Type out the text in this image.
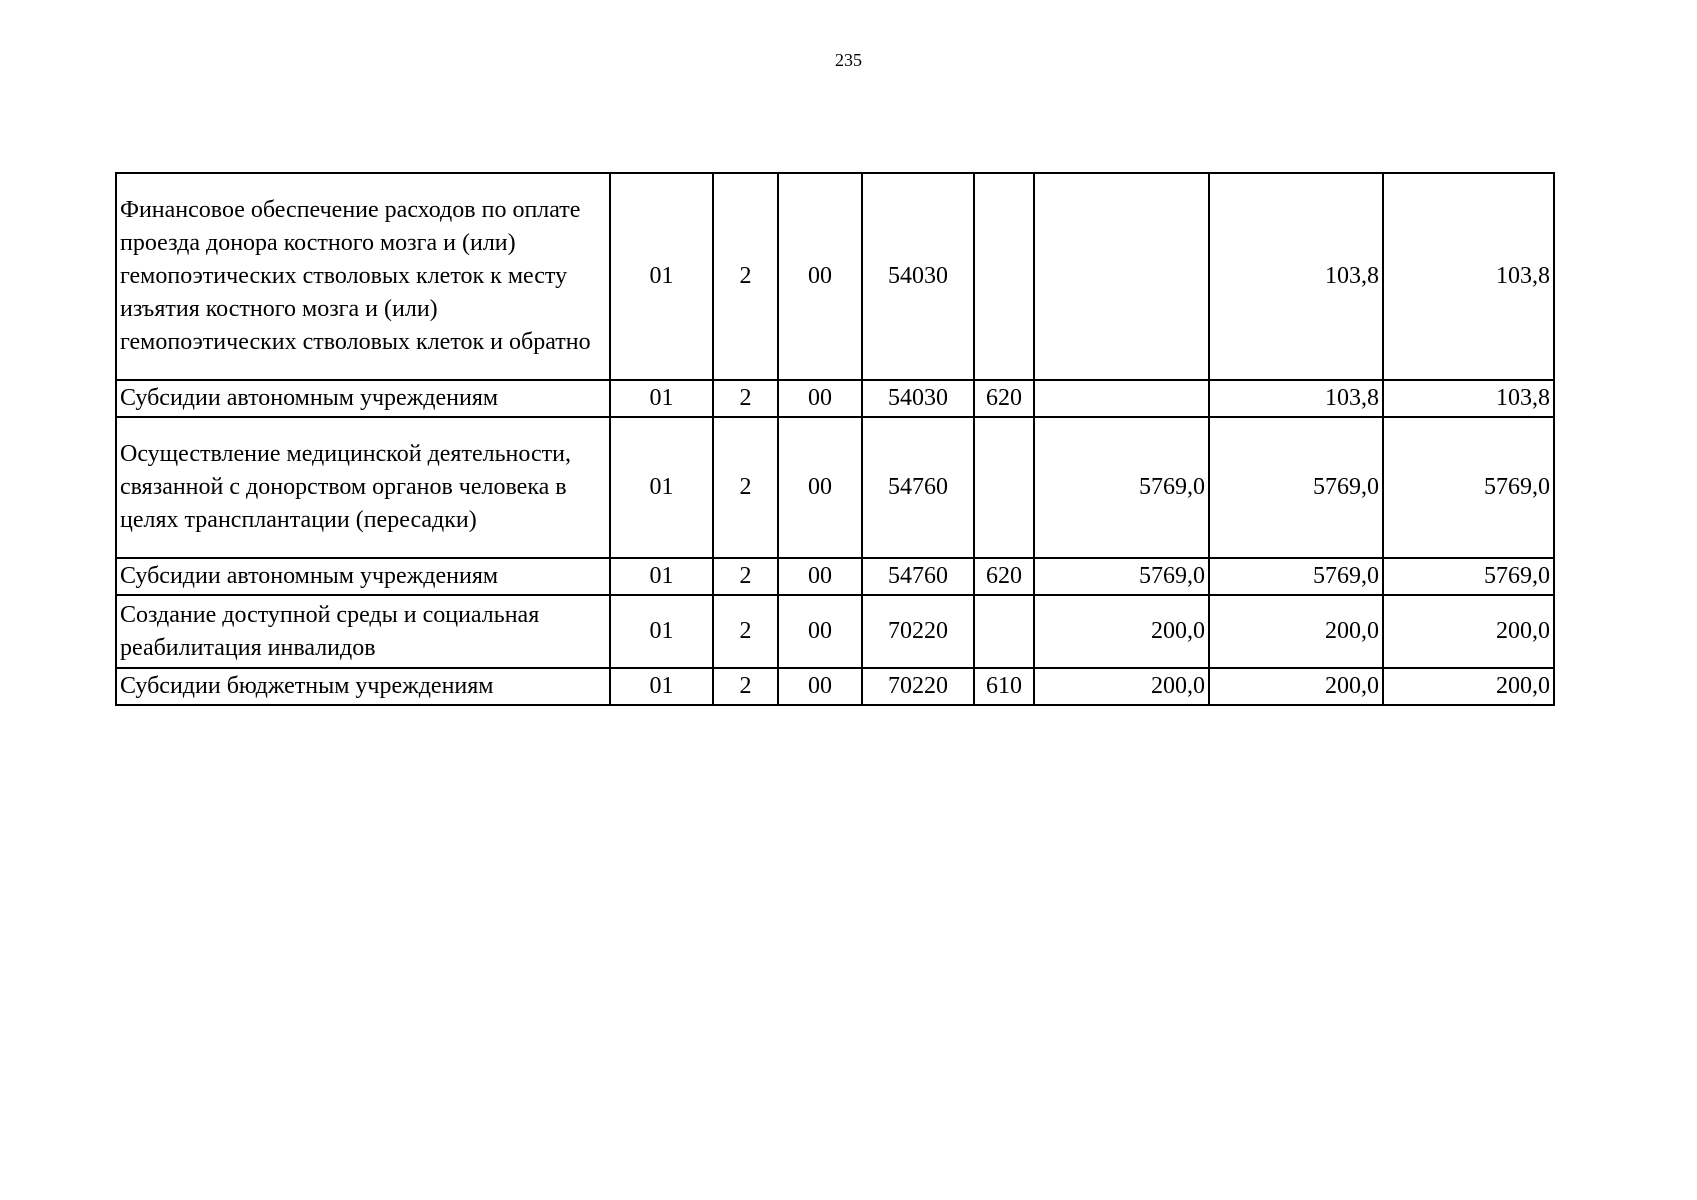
235
Финансовое обеспечение расходов по оплате проезда донора костного мозга и (или) гемопоэтических стволовых клеток к месту изъятия костного мозга и (или) гемопоэтических стволовых клеток и обратно	01	2	00	54030			103,8	103,8
Субсидии автономным учреждениям	01	2	00	54030	620		103,8	103,8
Осуществление медицинской деятельности, связанной с донорством органов человека в целях трансплантации (пересадки)	01	2	00	54760		5769,0	5769,0	5769,0
Субсидии автономным учреждениям	01	2	00	54760	620	5769,0	5769,0	5769,0
Создание доступной среды и социальная реабилитация инвалидов	01	2	00	70220		200,0	200,0	200,0
Субсидии бюджетным учреждениям	01	2	00	70220	610	200,0	200,0	200,0
